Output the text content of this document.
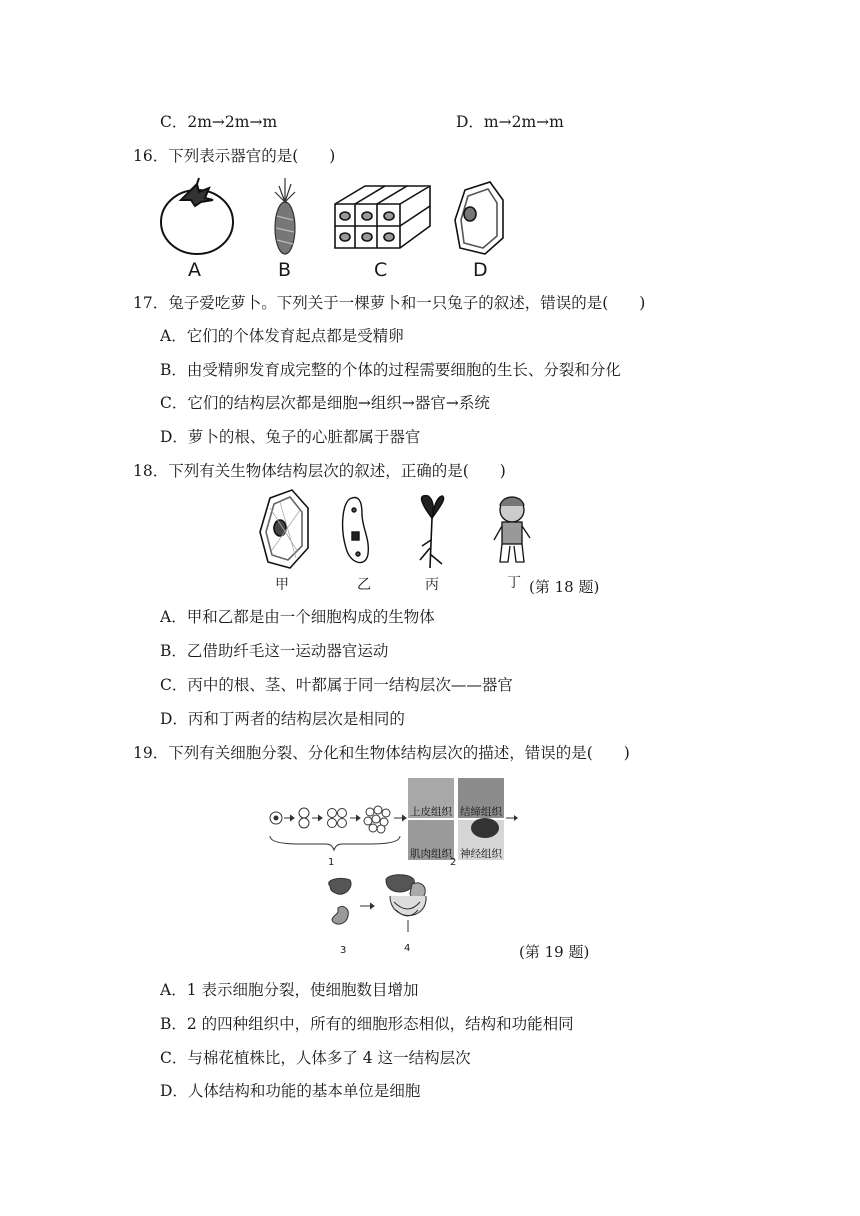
C．2m→2m→m	D．m→2m→m
16．下列表示器官的是(　　)
A	B	C	D
17．兔子爱吃萝卜。下列关于一棵萝卜和一只兔子的叙述，错误的是(　　)
A．它们的个体发育起点都是受精卵
B．由受精卵发育成完整的个体的过程需要细胞的生长、分裂和分化
C．它们的结构层次都是细胞→组织→器官→系统
D．萝卜的根、兔子的心脏都属于器官
18．下列有关生物体结构层次的叙述，正确的是(　　)
甲	乙	丙	丁 (第 18 题)
A．甲和乙都是由一个细胞构成的生物体
B．乙借助纤毛这一运动器官运动
C．丙中的根、茎、叶都属于同一结构层次——器官
D．丙和丁两者的结构层次是相同的
19．下列有关细胞分裂、分化和生物体结构层次的描述，错误的是(　　)
上皮组织 结缔组织
肌肉组织 神经组织
1	2
3	4	(第 19 题)
A．1 表示细胞分裂，使细胞数目增加
B．2 的四种组织中，所有的细胞形态相似，结构和功能相同
C．与棉花植株比，人体多了 4 这一结构层次
D．人体结构和功能的基本单位是细胞
